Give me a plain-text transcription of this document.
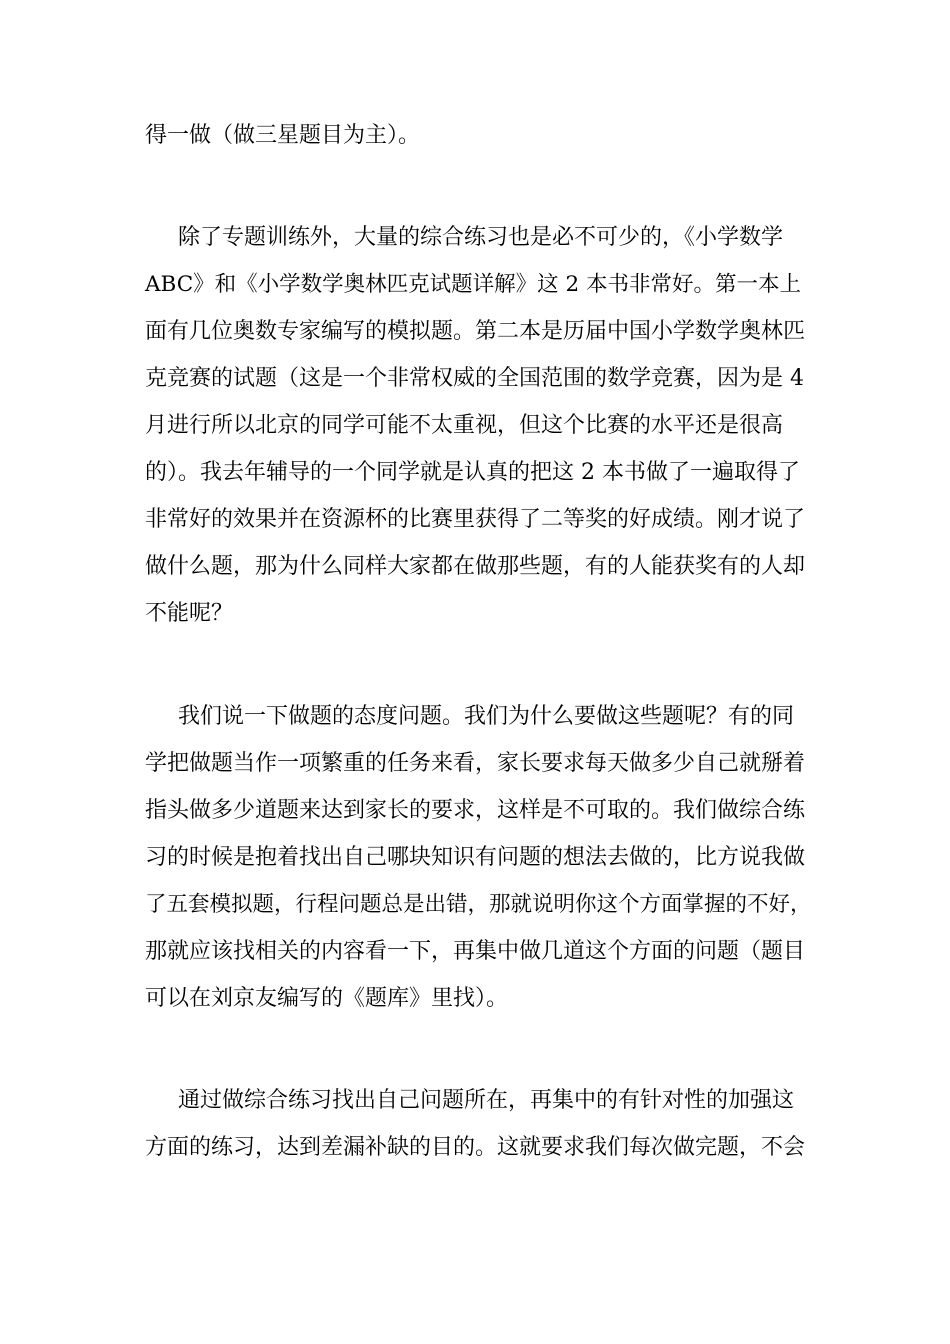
得一做（做三星题目为主）。
除了专题训练外，大量的综合练习也是必不可少的，《小学数学
ABC》和《小学数学奥林匹克试题详解》这 2 本书非常好。第一本上
面有几位奥数专家编写的模拟题。第二本是历届中国小学数学奥林匹
克竞赛的试题（这是一个非常权威的全国范围的数学竞赛，因为是 4
月进行所以北京的同学可能不太重视，但这个比赛的水平还是很高
的）。我去年辅导的一个同学就是认真的把这 2 本书做了一遍取得了
非常好的效果并在资源杯的比赛里获得了二等奖的好成绩。刚才说了
做什么题，那为什么同样大家都在做那些题，有的人能获奖有的人却
不能呢？
我们说一下做题的态度问题。我们为什么要做这些题呢？有的同
学把做题当作一项繁重的任务来看，家长要求每天做多少自己就掰着
指头做多少道题来达到家长的要求，这样是不可取的。我们做综合练
习的时候是抱着找出自己哪块知识有问题的想法去做的，比方说我做
了五套模拟题，行程问题总是出错，那就说明你这个方面掌握的不好，
那就应该找相关的内容看一下，再集中做几道这个方面的问题（题目
可以在刘京友编写的《题库》里找）。
通过做综合练习找出自己问题所在，再集中的有针对性的加强这
方面的练习，达到差漏补缺的目的。这就要求我们每次做完题，不会
